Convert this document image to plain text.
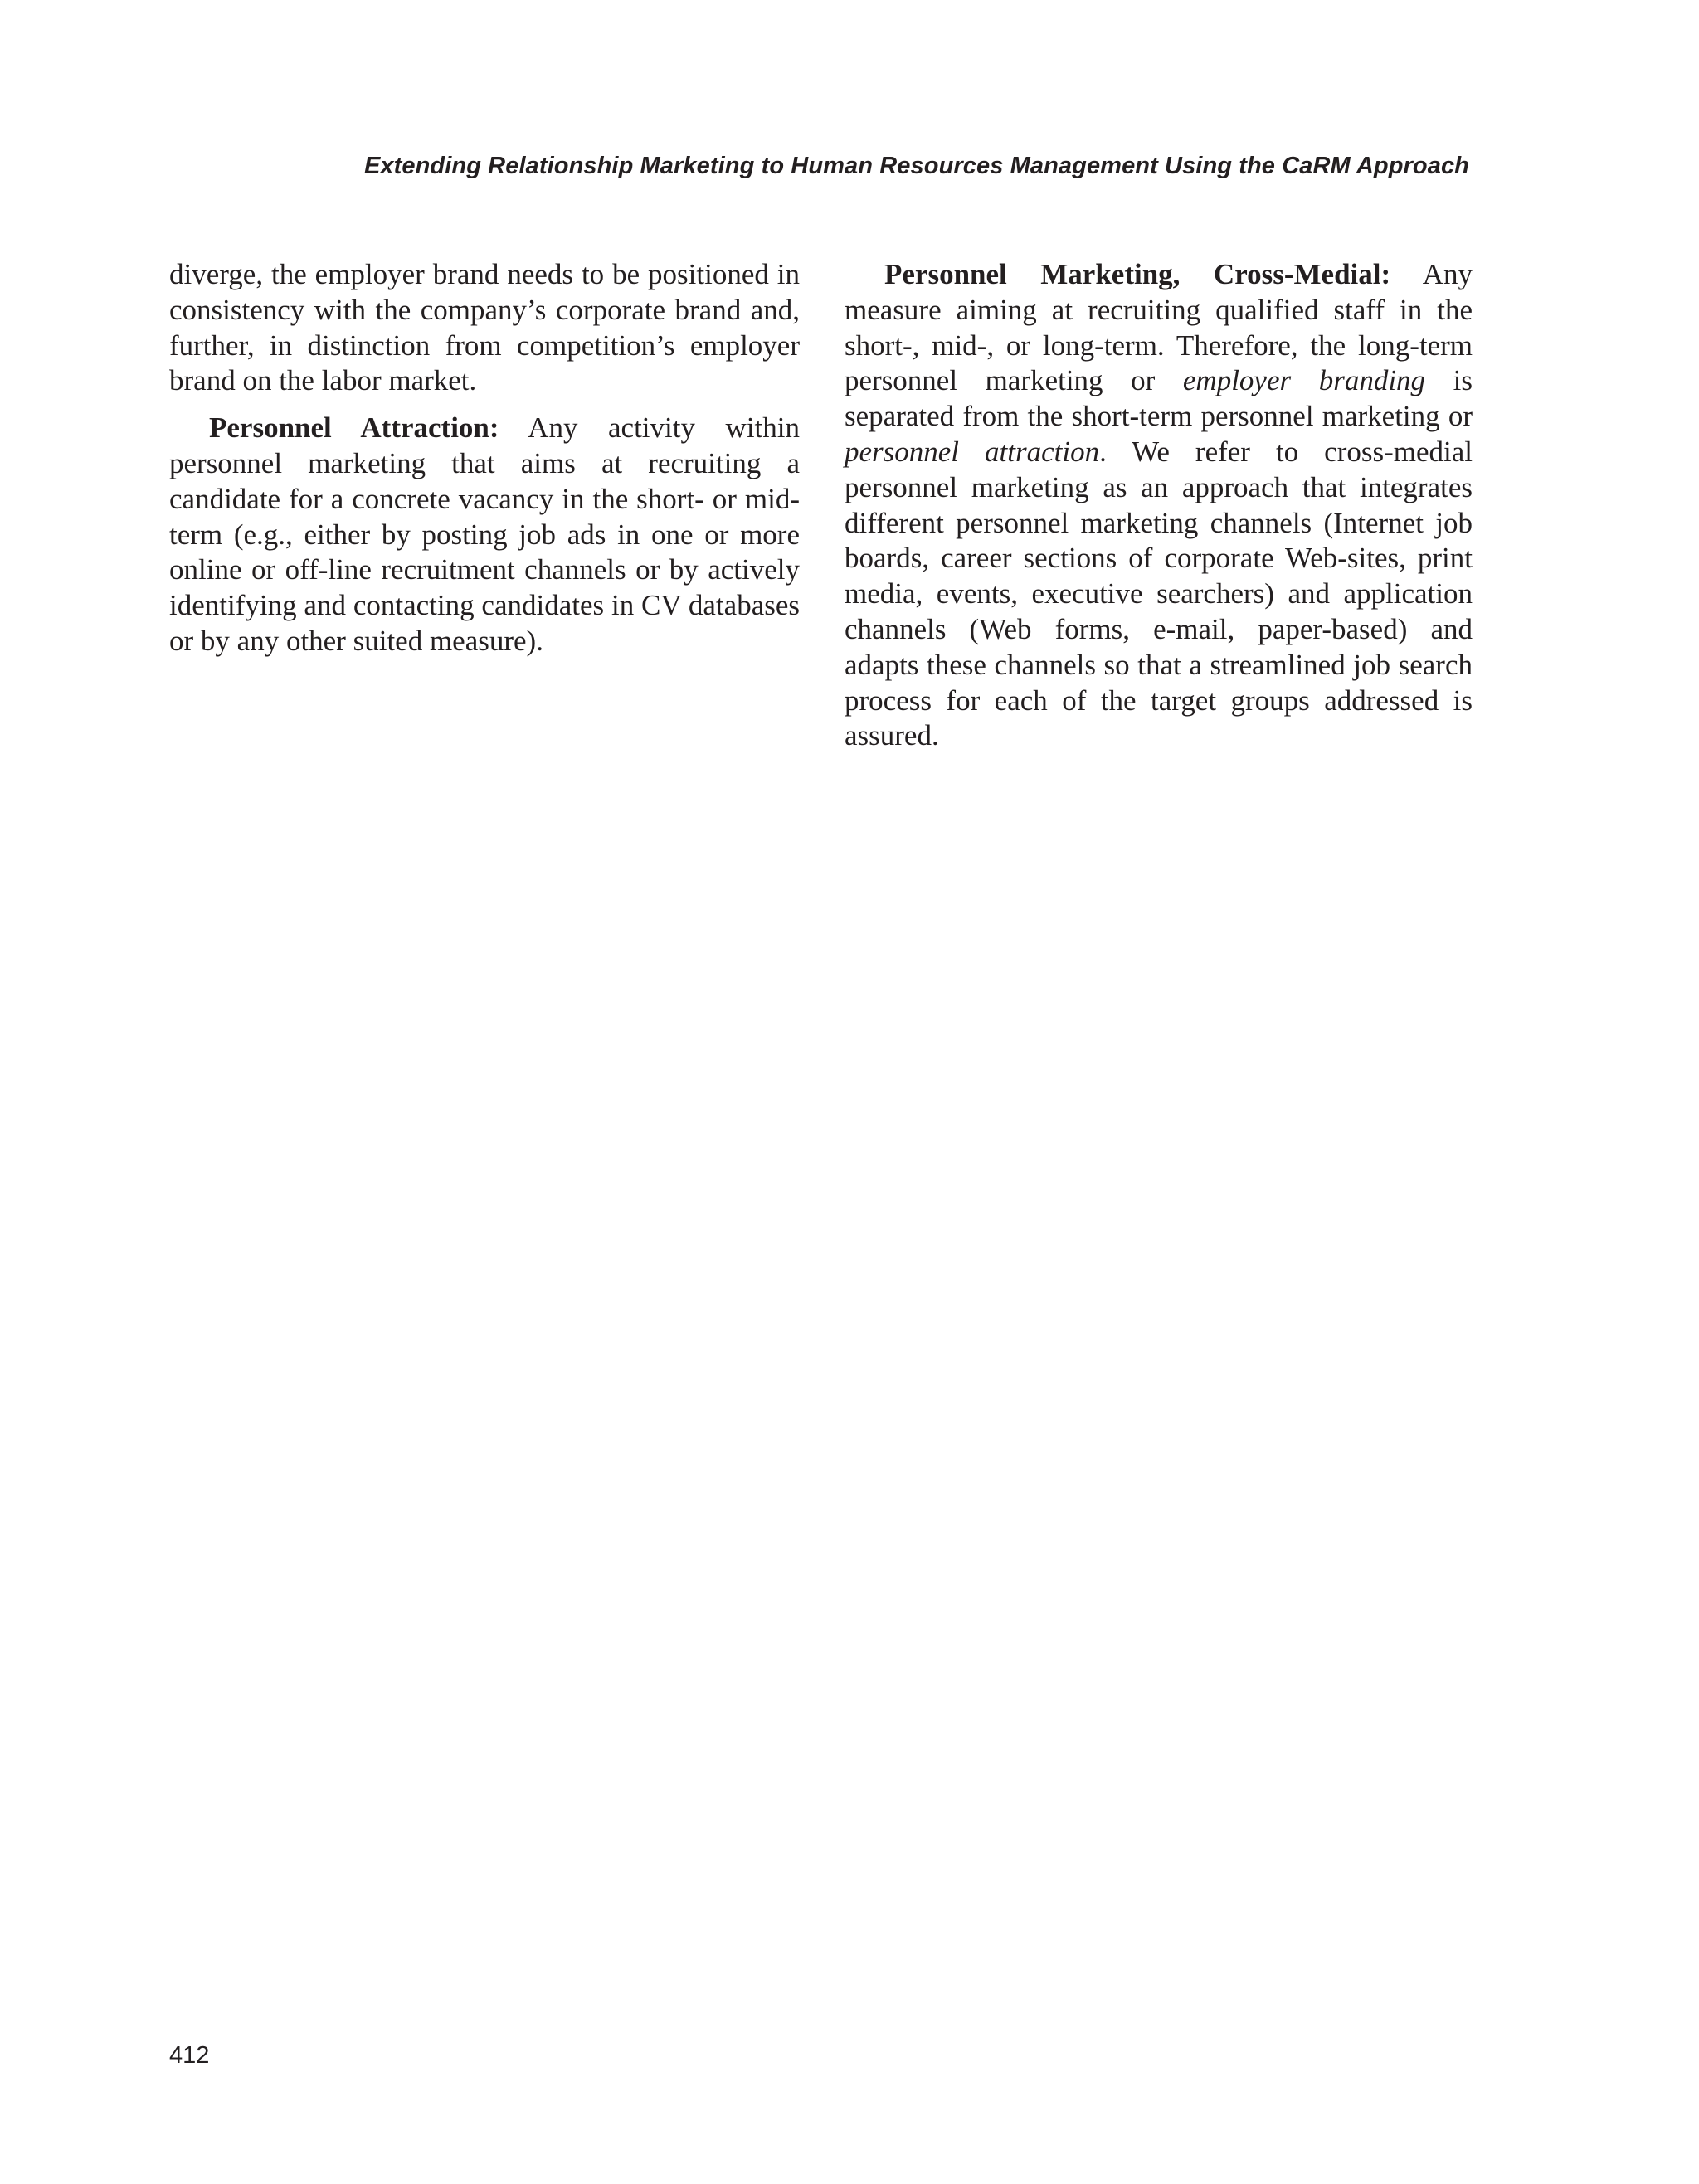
Extending Relationship Marketing to Human Resources Management Using the CaRM Approach

diverge, the employer brand needs to be positioned in consistency with the company’s corporate brand and, further, in distinction from competition’s employer brand on the labor market.

Personnel Attraction: Any activity within personnel marketing that aims at recruiting a candidate for a concrete vacancy in the short- or mid-term (e.g., either by posting job ads in one or more online or off-line recruitment channels or by actively identifying and contacting candidates in CV databases or by any other suited measure).

Personnel Marketing, Cross-Medial: Any measure aiming at recruiting qualified staff in the short-, mid-, or long-term. Therefore, the long-term personnel marketing or employer branding is separated from the short-term personnel marketing or personnel attraction. We refer to cross-medial personnel marketing as an approach that integrates different personnel marketing channels (Internet job boards, career sections of corporate Web-sites, print media, events, executive searchers) and application channels (Web forms, e-mail, paper-based) and adapts these channels so that a streamlined job search process for each of the target groups addressed is assured.

412
